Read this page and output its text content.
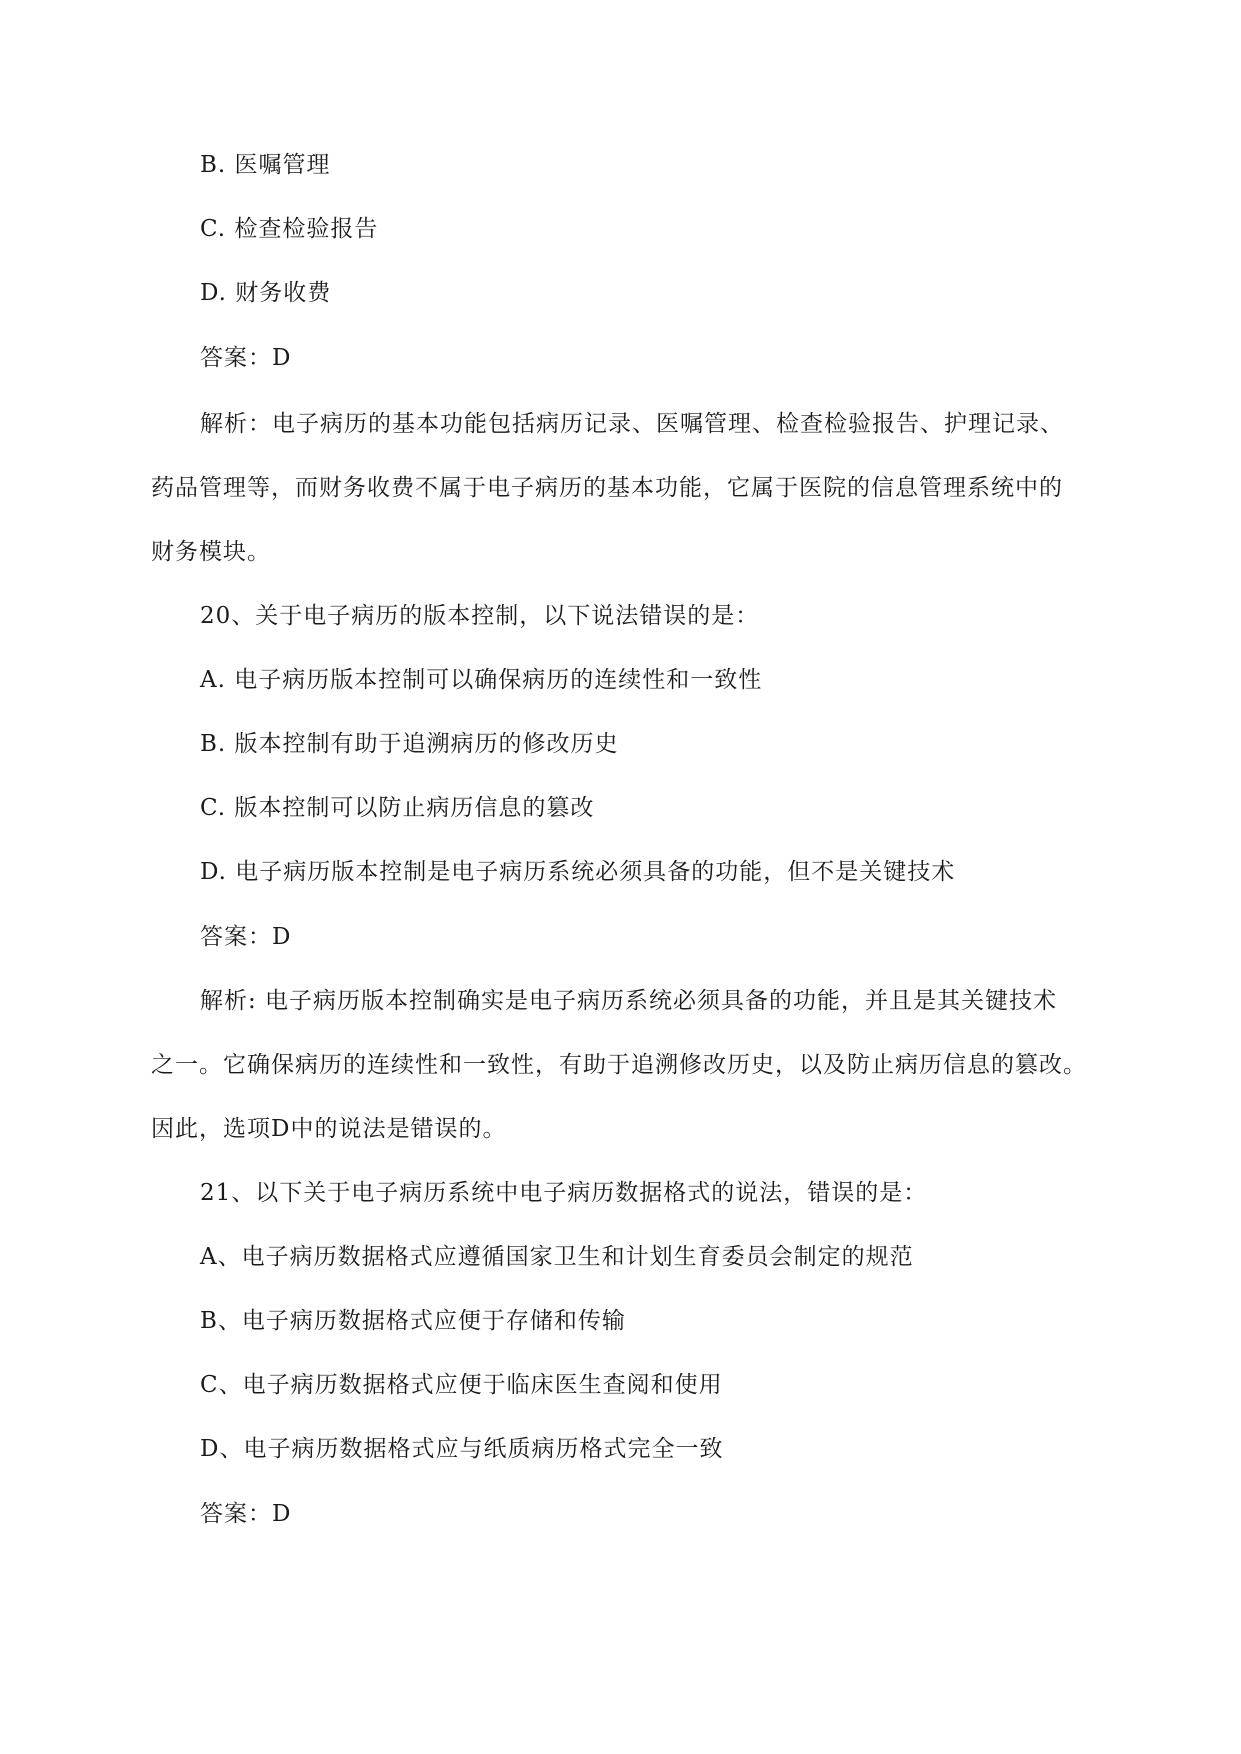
B. 医嘱管理
C. 检查检验报告
D. 财务收费
答案：D
解析：电子病历的基本功能包括病历记录、医嘱管理、检查检验报告、护理记录、
药品管理等，而财务收费不属于电子病历的基本功能，它属于医院的信息管理系统中的
财务模块。
20、关于电子病历的版本控制，以下说法错误的是：
A. 电子病历版本控制可以确保病历的连续性和一致性
B. 版本控制有助于追溯病历的修改历史
C. 版本控制可以防止病历信息的篡改
D. 电子病历版本控制是电子病历系统必须具备的功能，但不是关键技术
答案：D
解析: 电子病历版本控制确实是电子病历系统必须具备的功能，并且是其关键技术
之一。它确保病历的连续性和一致性，有助于追溯修改历史，以及防止病历信息的篡改。
因此，选项D中的说法是错误的。
21、以下关于电子病历系统中电子病历数据格式的说法，错误的是：
A、电子病历数据格式应遵循国家卫生和计划生育委员会制定的规范
B、电子病历数据格式应便于存储和传输
C、电子病历数据格式应便于临床医生查阅和使用
D、电子病历数据格式应与纸质病历格式完全一致
答案：D
